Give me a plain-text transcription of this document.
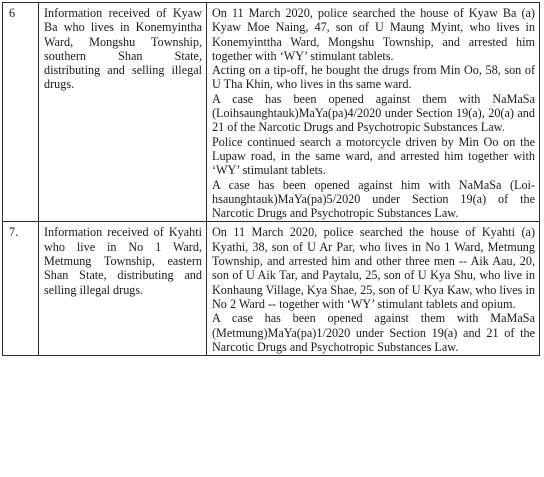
6	Information received of Kyaw Ba who lives in Konemyintha Ward, Mongshu Township, southern Shan State, distributing and selling illegal drugs.	On 11 March 2020, police searched the house of Kyaw Ba (a) Kyaw Moe Naing, 47, son of U Maung Myint, who lives in Konemyinttha Ward, Mongshu Township, and arrested him together with ‘WY’ stimulant tablets.
Acting on a tip-off, he bought the drugs from Min Oo, 58, son of U Tha Khin, who lives in ths same ward.
A case has been opened against them with NaMaSa (Loihsaunghtauk)MaYa(pa)4/2020 under Section 19(a), 20(a) and 21 of the Narcotic Drugs and Psychotropic Substances Law.
Police continued search a motorcycle driven by Min Oo on the Lupaw road, in the same ward, and arrested him together with ‘WY’ stimulant tablets.
A case has been opened against him with NaMaSa (Loi-hsaunghtauk)MaYa(pa)5/2020 under Section 19(a) of the Narcotic Drugs and Psychotropic Substances Law.

7.	Information received of Kyahti who live in No 1 Ward, Metmung Township, eastern Shan State, distributing and selling illegal drugs.	On 11 March 2020, police searched the house of Kyahti (a) Kyathi, 38, son of U Ar Par, who lives in No 1 Ward, Metmung Township, and arrested him and other three men -- Aik Aau, 20, son of U Aik Tar, and Paytalu, 25, son of U Kya Shu, who live in Konhaung Village, Kya Shae, 25, son of U Kya Kaw, who lives in No 2 Ward -- together with ‘WY’ stimulant tablets and opium.
A case has been opened against them with MaMaSa (Metmung)MaYa(pa)1/2020 under Section 19(a) and 21 of the Narcotic Drugs and Psychotropic Substances Law.
